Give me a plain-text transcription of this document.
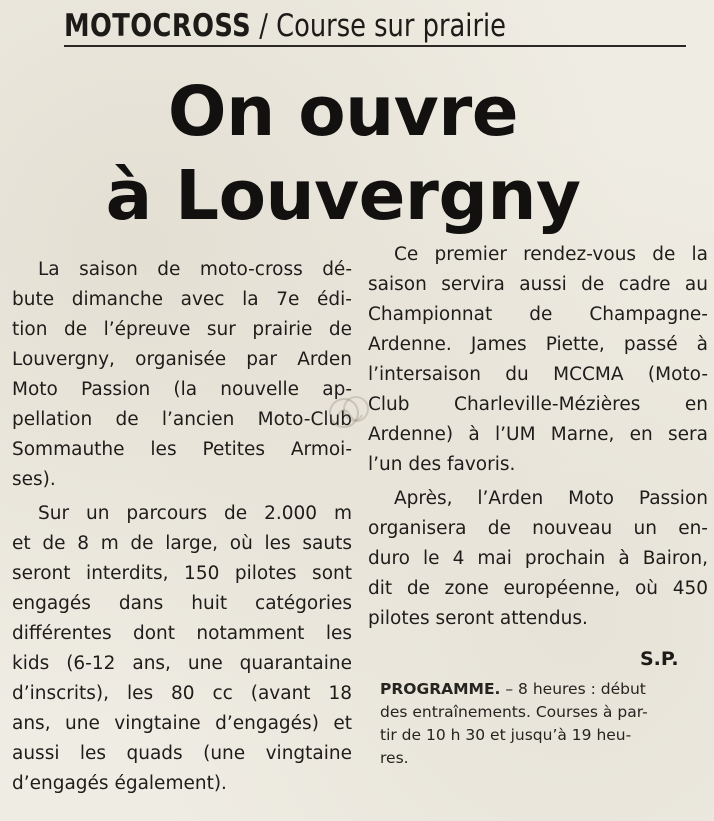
MOTOCROSS / Course sur prairie
On ouvre
à Louvergny

La saison de moto-cross dé-
bute dimanche avec la 7e édi-
tion de l’épreuve sur prairie de
Louvergny, organisée par Arden
Moto Passion (la nouvelle ap-
pellation de l’ancien Moto-Club
Sommauthe les Petites Armoi-
ses).

Sur un parcours de 2.000 m
et de 8 m de large, où les sauts
seront interdits, 150 pilotes sont
engagés dans huit catégories
différentes dont notamment les
kids (6-12 ans, une quarantaine
d’inscrits), les 80 cc (avant 18
ans, une vingtaine d’engagés) et
aussi les quads (une vingtaine
d’engagés également).

Ce premier rendez-vous de la
saison servira aussi de cadre au
Championnat de Champagne-
Ardenne. James Piette, passé à
l’intersaison du MCCMA (Moto-
Club Charleville-Mézières en
Ardenne) à l’UM Marne, en sera
l’un des favoris.

Après, l’Arden Moto Passion
organisera de nouveau un en-
duro le 4 mai prochain à Bairon,
dit de zone européenne, où 450
pilotes seront attendus.

S.P.
PROGRAMME. – 8 heures : début
des entraînements. Courses à par-
tir de 10 h 30 et jusqu’à 19 heu-
res.
